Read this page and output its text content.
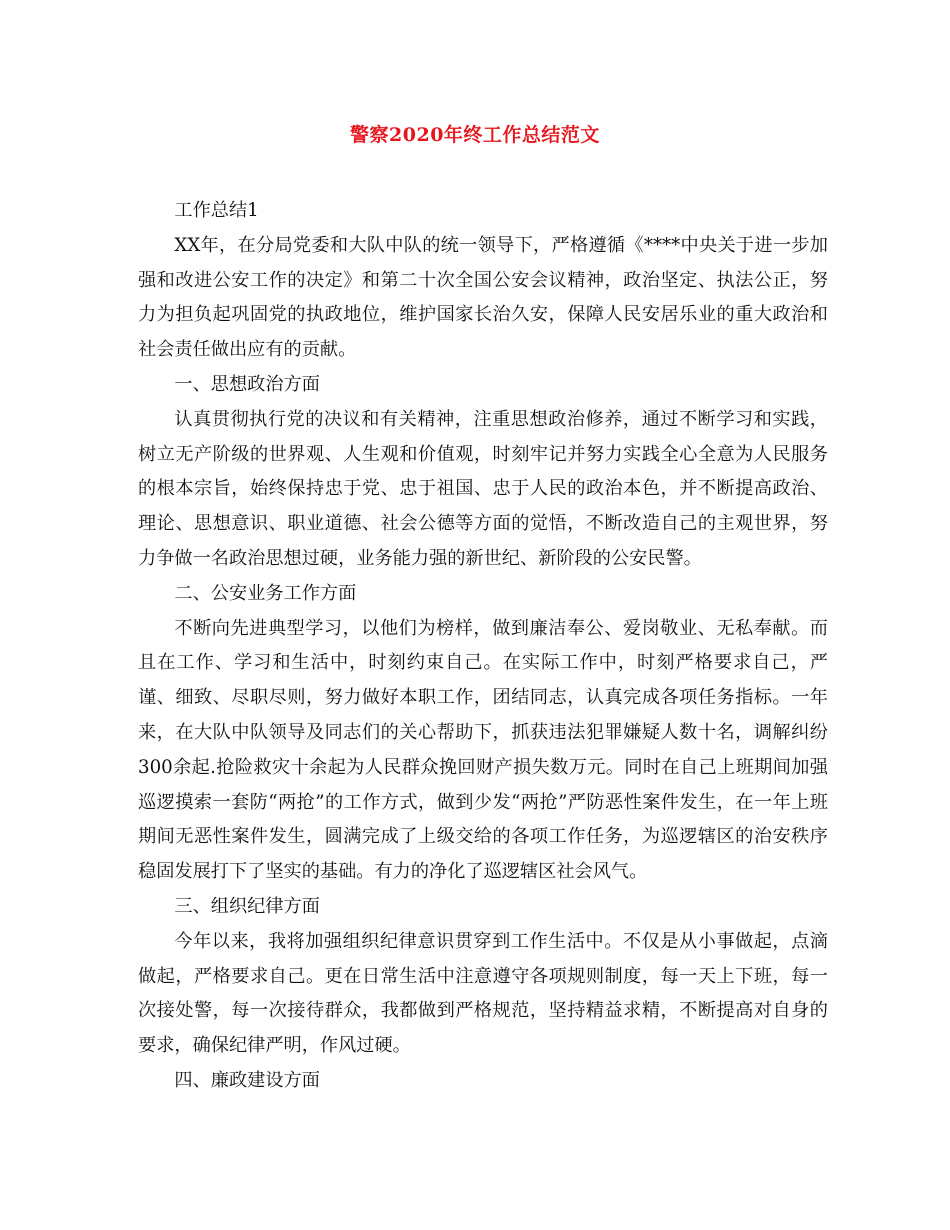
警察2020年终工作总结范文

工作总结1

XX年，在分局党委和大队中队的统一领导下，严格遵循《****中央关于进一步加强和改进公安工作的决定》和第二十次全国公安会议精神，政治坚定、执法公正，努力为担负起巩固党的执政地位，维护国家长治久安，保障人民安居乐业的重大政治和社会责任做出应有的贡献。

一、思想政治方面

认真贯彻执行党的决议和有关精神，注重思想政治修养，通过不断学习和实践，树立无产阶级的世界观、人生观和价值观，时刻牢记并努力实践全心全意为人民服务的根本宗旨，始终保持忠于党、忠于祖国、忠于人民的政治本色，并不断提高政治、理论、思想意识、职业道德、社会公德等方面的觉悟，不断改造自己的主观世界，努力争做一名政治思想过硬，业务能力强的新世纪、新阶段的公安民警。

二、公安业务工作方面

不断向先进典型学习，以他们为榜样，做到廉洁奉公、爱岗敬业、无私奉献。而且在工作、学习和生活中，时刻约束自己。在实际工作中，时刻严格要求自己，严谨、细致、尽职尽则，努力做好本职工作，团结同志，认真完成各项任务指标。一年来，在大队中队领导及同志们的关心帮助下，抓获违法犯罪嫌疑人数十名，调解纠纷300余起.抢险救灾十余起为人民群众挽回财产损失数万元。同时在自己上班期间加强巡逻摸索一套防“两抢”的工作方式，做到少发“两抢”严防恶性案件发生，在一年上班期间无恶性案件发生，圆满完成了上级交给的各项工作任务，为巡逻辖区的治安秩序稳固发展打下了坚实的基础。有力的净化了巡逻辖区社会风气。

三、组织纪律方面

今年以来，我将加强组织纪律意识贯穿到工作生活中。不仅是从小事做起，点滴做起，严格要求自己。更在日常生活中注意遵守各项规则制度，每一天上下班，每一次接处警，每一次接待群众，我都做到严格规范，坚持精益求精，不断提高对自身的要求，确保纪律严明，作风过硬。

四、廉政建设方面
